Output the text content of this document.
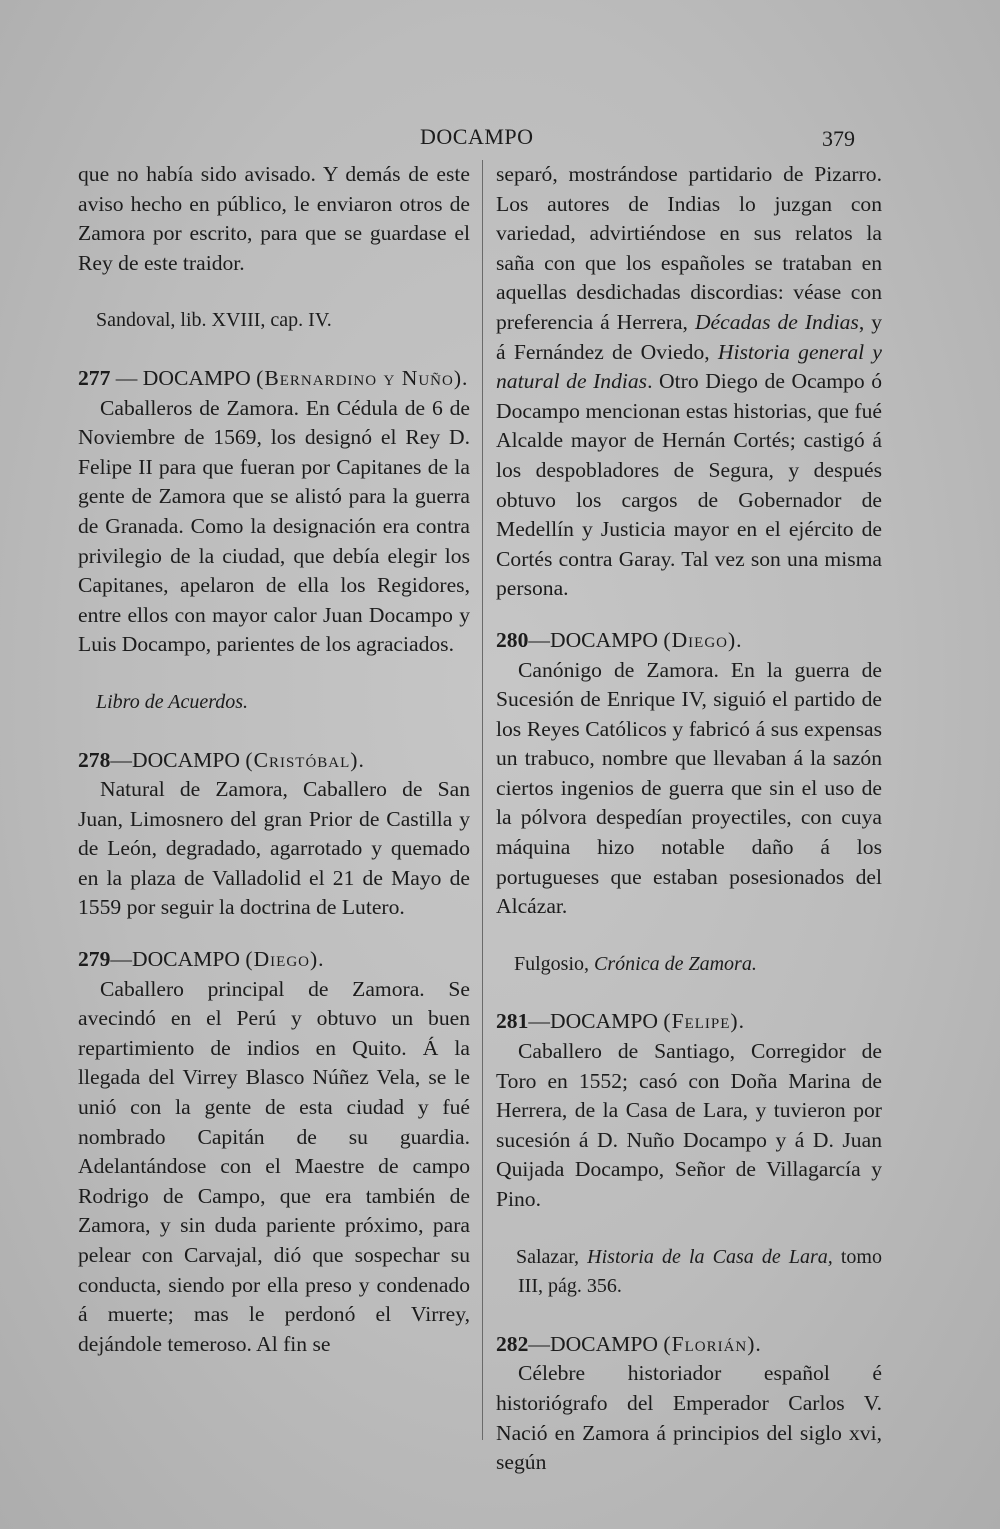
DOCAMPO	379

que no había sido avisado. Y demás de este aviso hecho en público, le enviaron otros de Zamora por escrito, para que se guardase el Rey de este traidor.

Sandoval, lib. XVIII, cap. IV.

277 — DOCAMPO (Bernardino y Nuño).

Caballeros de Zamora. En Cédula de 6 de Noviembre de 1569, los designó el Rey D. Felipe II para que fueran por Capitanes de la gente de Zamora que se alistó para la guerra de Granada. Como la designación era contra privilegio de la ciudad, que debía elegir los Capitanes, apelaron de ella los Regidores, entre ellos con mayor calor Juan Docampo y Luis Docampo, parientes de los agraciados.

Libro de Acuerdos.

278—DOCAMPO (Cristóbal).

Natural de Zamora, Caballero de San Juan, Limosnero del gran Prior de Castilla y de León, degradado, agarrotado y quemado en la plaza de Valladolid el 21 de Mayo de 1559 por seguir la doctrina de Lutero.

279—DOCAMPO (Diego).

Caballero principal de Zamora. Se avecindó en el Perú y obtuvo un buen repartimiento de indios en Quito. Á la llegada del Virrey Blasco Núñez Vela, se le unió con la gente de esta ciudad y fué nombrado Capitán de su guardia. Adelantándose con el Maestre de campo Rodrigo de Campo, que era también de Zamora, y sin duda pariente próximo, para pelear con Carvajal, dió que sospechar su conducta, siendo por ella preso y condenado á muerte; mas le perdonó el Virrey, dejándole temeroso. Al fin se

separó, mostrándose partidario de Pizarro. Los autores de Indias lo juzgan con variedad, advirtiéndose en sus relatos la saña con que los españoles se trataban en aquellas desdichadas discordias: véase con preferencia á Herrera, Décadas de Indias, y á Fernández de Oviedo, Historia general y natural de Indias. Otro Diego de Ocampo ó Docampo mencionan estas historias, que fué Alcalde mayor de Hernán Cortés; castigó á los despobladores de Segura, y después obtuvo los cargos de Gobernador de Medellín y Justicia mayor en el ejército de Cortés contra Garay. Tal vez son una misma persona.

280—DOCAMPO (Diego).

Canónigo de Zamora. En la guerra de Sucesión de Enrique IV, siguió el partido de los Reyes Católicos y fabricó á sus expensas un trabuco, nombre que llevaban á la sazón ciertos ingenios de guerra que sin el uso de la pólvora despedían proyectiles, con cuya máquina hizo notable daño á los portugueses que estaban posesionados del Alcázar.

Fulgosio, Crónica de Zamora.

281—DOCAMPO (Felipe).

Caballero de Santiago, Corregidor de Toro en 1552; casó con Doña Marina de Herrera, de la Casa de Lara, y tuvieron por sucesión á D. Nuño Docampo y á D. Juan Quijada Docampo, Señor de Villagarcía y Pino.

Salazar, Historia de la Casa de Lara, tomo III, pág. 356.

282—DOCAMPO (Florián).

Célebre historiador español é historiógrafo del Emperador Carlos V. Nació en Zamora á principios del siglo xvi, según
